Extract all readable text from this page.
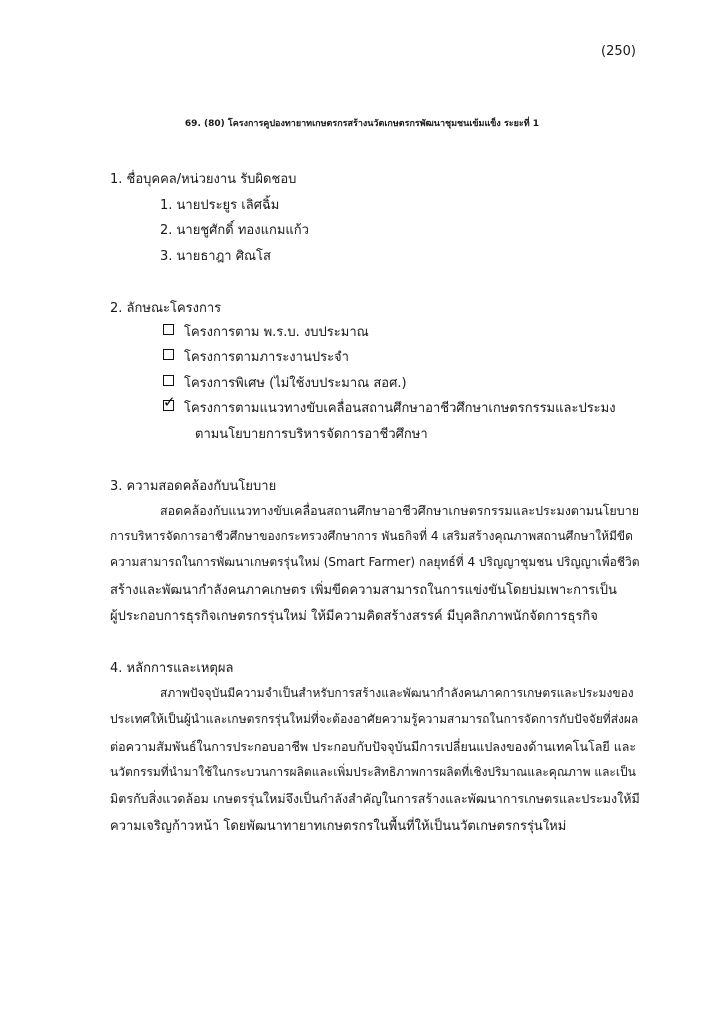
(250)
69. (80) โครงการคูปองทายาทเกษตรกรสร้างนวัตเกษตรกรพัฒนาชุมชนเข้มแข็ง ระยะที่ 1
1. ชื่อบุคคล/หน่วยงาน รับผิดชอบ
1. นายประยูร เลิศฉิ้ม
2. นายชูศักดิ์ ทองแกมแก้ว
3. นายธาฎา ศิณโส
2. ลักษณะโครงการ
โครงการตาม พ.ร.บ. งบประมาณ
โครงการตามภาระงานประจำ
โครงการพิเศษ (ไม่ใช้งบประมาณ สอศ.)
✓ โครงการตามแนวทางขับเคลื่อนสถานศึกษาอาชีวศึกษาเกษตรกรรมและประมง
ตามนโยบายการบริหารจัดการอาชีวศึกษา
3. ความสอดคล้องกับนโยบาย
สอดคล้องกับแนวทางขับเคลื่อนสถานศึกษาอาชีวศึกษาเกษตรกรรมและประมงตามนโยบาย
การบริหารจัดการอาชีวศึกษาของกระทรวงศึกษาการ พันธกิจที่ 4 เสริมสร้างคุณภาพสถานศึกษาให้มีขีด
ความสามารถในการพัฒนาเกษตรรุ่นใหม่ (Smart Farmer) กลยุทธ์ที่ 4 ปริญญาชุมชน ปริญญาเพื่อชีวิต
สร้างและพัฒนากำลังคนภาคเกษตร เพิ่มขีดความสามารถในการแข่งขันโดยบ่มเพาะการเป็น
ผู้ประกอบการธุรกิจเกษตรกรรุ่นใหม่ ให้มีความคิดสร้างสรรค์ มีบุคลิกภาพนักจัดการธุรกิจ
4. หลักการและเหตุผล
สภาพปัจจุบันมีความจำเป็นสำหรับการสร้างและพัฒนากำลังคนภาคการเกษตรและประมงของ
ประเทศให้เป็นผู้นำและเกษตรกรรุ่นใหม่ที่จะต้องอาศัยความรู้ความสามารถในการจัดการกับปัจจัยที่ส่งผล
ต่อความสัมพันธ์ในการประกอบอาชีพ ประกอบกับปัจจุบันมีการเปลี่ยนแปลงของด้านเทคโนโลยี และ
นวัตกรรมที่นำมาใช้ในกระบวนการผลิตและเพิ่มประสิทธิภาพการผลิตที่เชิงปริมาณและคุณภาพ และเป็น
มิตรกับสิ่งแวดล้อม เกษตรรุ่นใหม่จึงเป็นกำลังสำคัญในการสร้างและพัฒนาการเกษตรและประมงให้มี
ความเจริญก้าวหน้า โดยพัฒนาทายาทเกษตรกรในพื้นที่ให้เป็นนวัตเกษตรกรรุ่นใหม่
